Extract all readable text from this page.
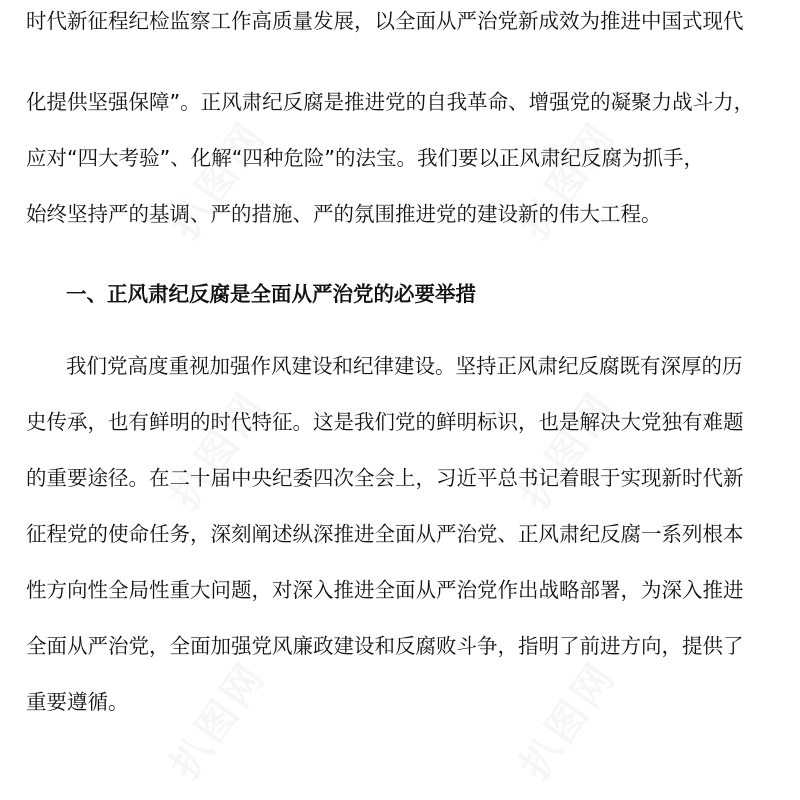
扒图网	扒图网
扒图网	扒图网
扒图网	扒图网
时代新征程纪检监察工作高质量发展，以全面从严治党新成效为推进中国式现代
化提供坚强保障”。正风肃纪反腐是推进党的自我革命、增强党的凝聚力战斗力，
应对“四大考验”、化解“四种危险”的法宝。我们要以正风肃纪反腐为抓手，
始终坚持严的基调、严的措施、严的氛围推进党的建设新的伟大工程。
一、正风肃纪反腐是全面从严治党的必要举措
我们党高度重视加强作风建设和纪律建设。坚持正风肃纪反腐既有深厚的历
史传承，也有鲜明的时代特征。这是我们党的鲜明标识，也是解决大党独有难题
的重要途径。在二十届中央纪委四次全会上，习近平总书记着眼于实现新时代新
征程党的使命任务，深刻阐述纵深推进全面从严治党、正风肃纪反腐一系列根本
性方向性全局性重大问题，对深入推进全面从严治党作出战略部署，为深入推进
全面从严治党，全面加强党风廉政建设和反腐败斗争，指明了前进方向，提供了
重要遵循。
